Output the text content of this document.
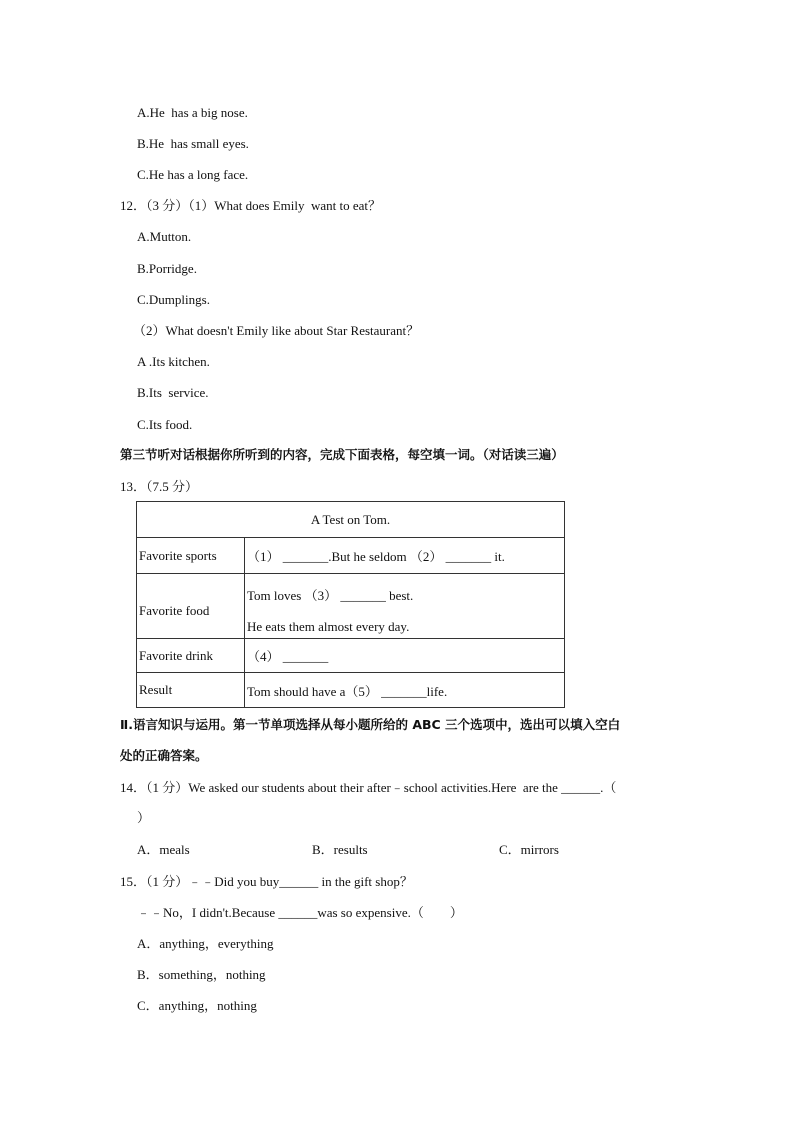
A.He  has a big nose.
B.He  has small eyes.
C.He has a long face.
12．（3 分）（1）What does Emily  want to eat？
A.Mutton.
B.Porridge.
C.Dumplings.
（2）What doesn't Emily like about Star Restaurant？
A .Its kitchen.
B.Its  service.
C.Its food.
第三节听对话根据你所听到的内容，完成下面表格，每空填一词。（对话读三遍）
13．（7.5 分）
A Test on Tom.	
Favorite sports	（1） _______.But he seldom （2） _______ it.

Favorite food	Tom loves （3） _______ best.
He eats them almost every day.

Favorite drink	（4） _______
Result	Tom should have a（5） _______life.
Ⅱ.语言知识与运用。第一节单项选择从每小题所给的 ABC 三个选项中，选出可以填入空白
处的正确答案。
14．（1 分）We asked our students about their after﹣school activities.Here  are the ______.（
）
A．meals	B．results	C．mirrors
15．（1 分）﹣﹣Did you buy______ in the gift shop？
﹣﹣No，I didn't.Because ______was so expensive.（        ）
A．anything，everything
B．something，nothing
C．anything，nothing
